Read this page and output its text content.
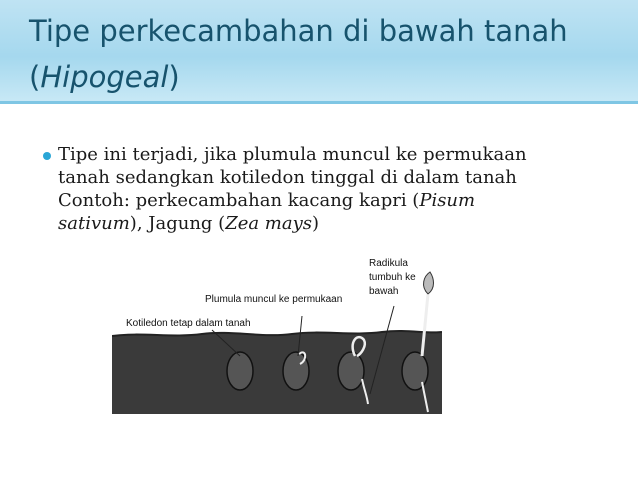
Tipe perkecambahan di bawah tanah (Hipogeal)

Tipe ini terjadi, jika plumula muncul ke permukaan

tanah sedangkan kotiledon tinggal di dalam tanah

Contoh: perkecambahan kacang kapri (Pisum

sativum), Jagung (Zea mays)

Plumula muncul ke permukaan
Kotiledon tetap dalam tanah
Radikula
tumbuh ke
bawah
